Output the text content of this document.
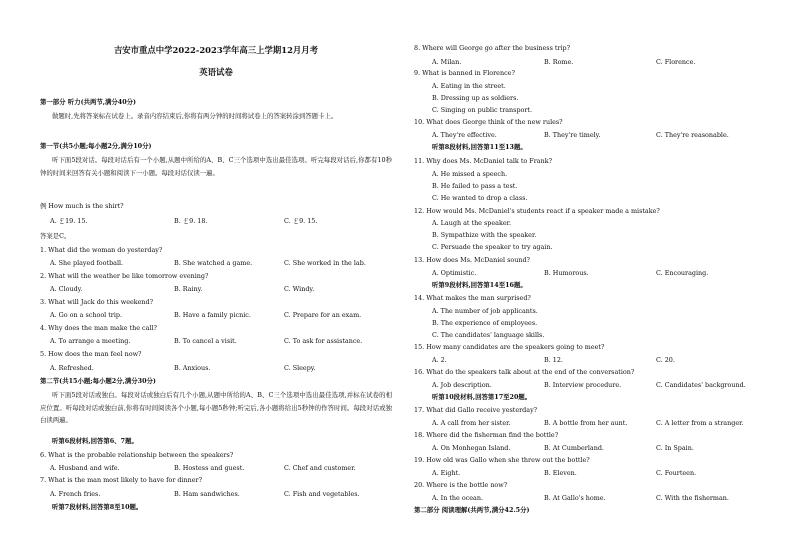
吉安市重点中学2022-2023学年高三上学期12月月考
英语试卷
第一部分 听力(共两节,满分40分)
做题时,先将答案标在试卷上。录音内容结束后,你将有两分钟的时间将试卷上的答案转涂到答题卡上。
第一节(共5小题;每小题2分,满分10分)
听下面5段对话。每段对话后有一个小题,从题中所给的A、B、C三个选项中选出最佳选项。听完每段对话后,你都有10秒钟的时间来回答有关小题和阅读下一小题。每段对话仅读一遍。
例 How much is the shirt?
A. ￡19. 15.	B. ￡9. 18.	C. ￡9. 15.
答案是C。
1. What did the woman do yesterday?
A. She played football.	B. She watched a game.	C. She worked in the lab.
2. What will the weather be like tomorrow evening?
A. Cloudy.	B. Rainy.	C. Windy.
3. What will Jack do this weekend?
A. Go on a school trip.	B. Have a family picnic.	C. Prepare for an exam.
4. Why does the man make the call?
A. To arrange a meeting.	B. To cancel a visit.	C. To ask for assistance.
5. How does the man feel now?
A. Refreshed.	B. Anxious.	C. Sleepy.
第二节(共15小题;每小题2分,满分30分)
听下面5段对话或独白。每段对话或独白后有几个小题,从题中所给的A、B、C三个选项中选出最佳选项,并标在试卷的相应位置。听每段对话或独白前,你将有时间阅读各个小题,每小题5秒钟;听完后,各小题将给出5秒钟的作答时间。每段对话或独白读两遍。
听第6段材料,回答第6、7题。
6. What is the probable relationship between the speakers?
A. Husband and wife.	B. Hostess and guest.	C. Chef and customer.
7. What is the man most likely to have for dinner?
A. French fries.	B. Ham sandwiches.	C. Fish and vegetables.
听第7段材料,回答第8至10题。
8. Where will George go after the business trip?
A. Milan.	B. Rome.	C. Florence.
9. What is banned in Florence?
A. Eating in the street.
B. Dressing up as soldiers.
C. Singing on public transport.
10. What does George think of the new rules?
A. They're effective.	B. They're timely.	C. They're reasonable.
听第8段材料,回答第11至13题。
11. Why does Ms. McDaniel talk to Frank?
A. He missed a speech.
B. He failed to pass a test.
C. He wanted to drop a class.
12. How would Ms. McDaniel's students react if a speaker made a mistake?
A. Laugh at the speaker.
B. Sympathize with the speaker.
C. Persuade the speaker to try again.
13. How does Ms. McDaniel sound?
A. Optimistic.	B. Humorous.	C. Encouraging.
听第9段材料,回答第14至16题。
14. What makes the man surprised?
A. The number of job applicants.
B. The experience of employees.
C. The candidates' language skills.
15. How many candidates are the speakers going to meet?
A. 2.	B. 12.	C. 20.
16. What do the speakers talk about at the end of the conversation?
A. Job description.	B. Interview procedure.	C. Candidates' background.
听第10段材料,回答第17至20题。
17. What did Gallo receive yesterday?
A. A call from her sister.	B. A bottle from her aunt.	C. A letter from a stranger.
18. Where did the fisherman find the bottle?
A. On Monhegan Island.	B. At Cumberland.	C. In Spain.
19. How old was Gallo when she threw out the bottle?
A. Eight.	B. Eleven.	C. Fourteen.
20. Where is the bottle now?
A. In the ocean.	B. At Gallo's home.	C. With the fisherman.
第二部分 阅读理解(共两节,满分42.5分)
